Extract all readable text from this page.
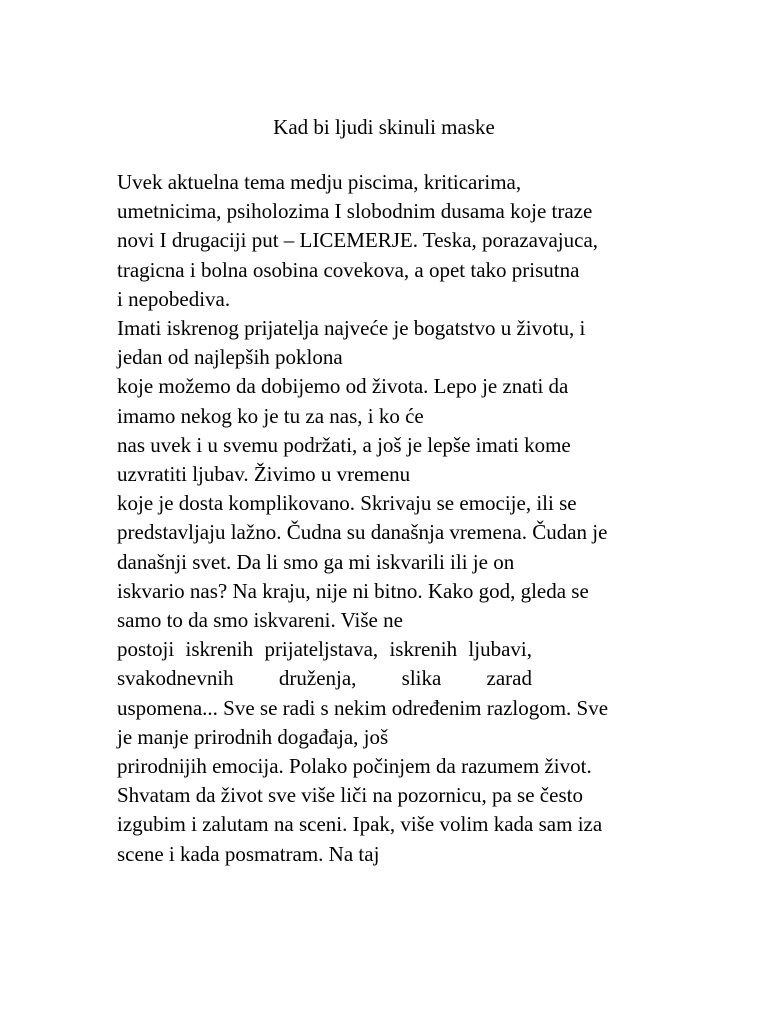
Kad bi ljudi skinuli maske
Uvek aktuelna tema medju piscima, kriticarima,
umetnicima, psiholozima I slobodnim dusama koje traze
novi I drugaciji put – LICEMERJE. Teska, porazavajuca,
tragicna i bolna osobina covekova, a opet tako prisutna
i nepobediva.
Imati iskrenog prijatelja najveće je bogatstvo u životu, i
jedan od najlepših poklona
koje možemo da dobijemo od života. Lepo je znati da
imamo nekog ko je tu za nas, i ko će
nas uvek i u svemu podržati, a još je lepše imati kome
uzvratiti ljubav. Živimo u vremenu
koje je dosta komplikovano. Skrivaju se emocije, ili se
predstavljaju lažno. Čudna su današnja vremena. Čudan je
današnji svet. Da li smo ga mi iskvarili ili je on
iskvario nas? Na kraju, nije ni bitno. Kako god, gleda se
samo to da smo iskvareni. Više ne
postoji iskrenih prijateljstava, iskrenih ljubavi,
svakodnevnih druženja, slika zarad
uspomena... Sve se radi s nekim određenim razlogom. Sve
je manje prirodnih događaja, još
prirodnijih emocija. Polako počinjem da razumem život.
Shvatam da život sve više liči na pozornicu, pa se često
izgubim i zalutam na sceni. Ipak, više volim kada sam iza
scene i kada posmatram. Na taj
